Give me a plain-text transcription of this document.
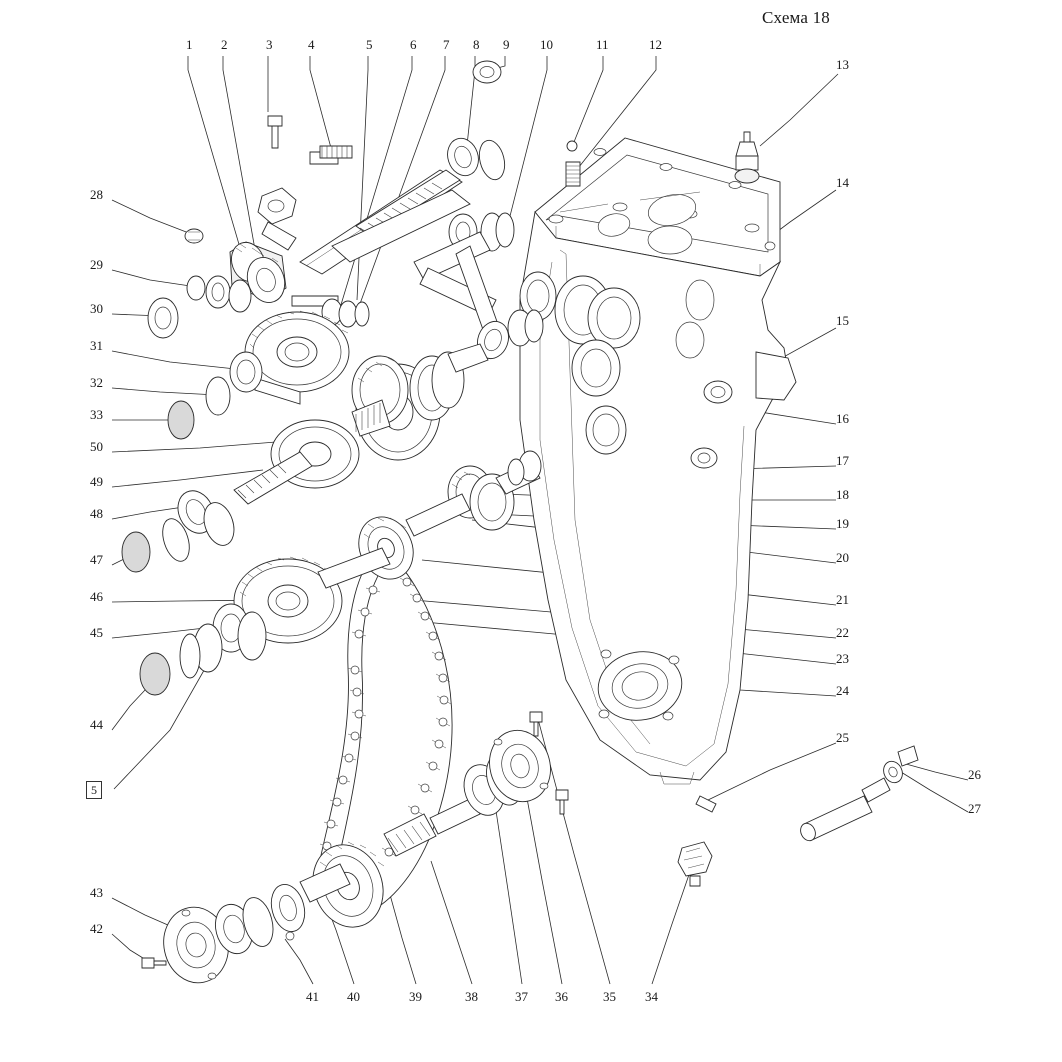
Схема 18
1 2	3	4	5	6 7 8 9 10	11	12
13
14
15
16
17
18
19
20
21
22
23
24
25
26
27
28
29
30
31
32
33
50
49
48
47
46
45
44
5
43
42
41 40	39	38	37 36	35 34
